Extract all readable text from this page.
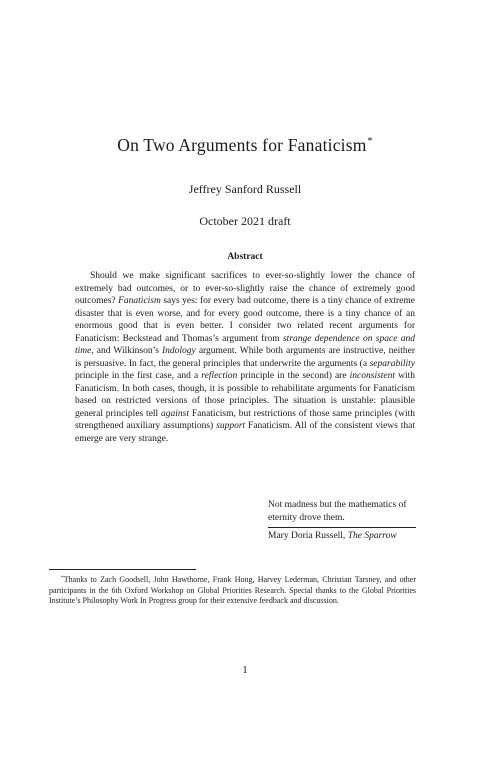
On Two Arguments for Fanaticism*
Jeffrey Sanford Russell
October 2021 draft
Abstract

Should we make significant sacrifices to ever-so-slightly lower the chance of extremely bad outcomes, or to ever-so-slightly raise the chance of extremely good outcomes? Fanaticism says yes: for every bad outcome, there is a tiny chance of extreme disaster that is even worse, and for every good outcome, there is a tiny chance of an enormous good that is even better. I consider two related recent arguments for Fanaticism: Beckstead and Thomas’s argument from strange dependence on space and time, and Wilkinson’s Indology argument. While both arguments are instructive, neither is persuasive. In fact, the general principles that underwrite the arguments (a separability principle in the first case, and a reflection principle in the second) are inconsistent with Fanaticism. In both cases, though, it is possible to rehabilitate arguments for Fanaticism based on restricted versions of those principles. The situation is unstable: plausible general principles tell against Fanaticism, but restrictions of those same principles (with strengthened auxiliary assumptions) support Fanaticism. All of the consistent views that emerge are very strange.

Not madness but the mathematics of eternity drove them.

Mary Doria Russell, The Sparrow

*Thanks to Zach Goodsell, John Hawthorne, Frank Hong, Harvey Lederman, Christian Tarsney, and other participants in the 6th Oxford Workshop on Global Priorities Research. Special thanks to the Global Priorities Institute’s Philosophy Work In Progress group for their extensive feedback and discussion.

1
